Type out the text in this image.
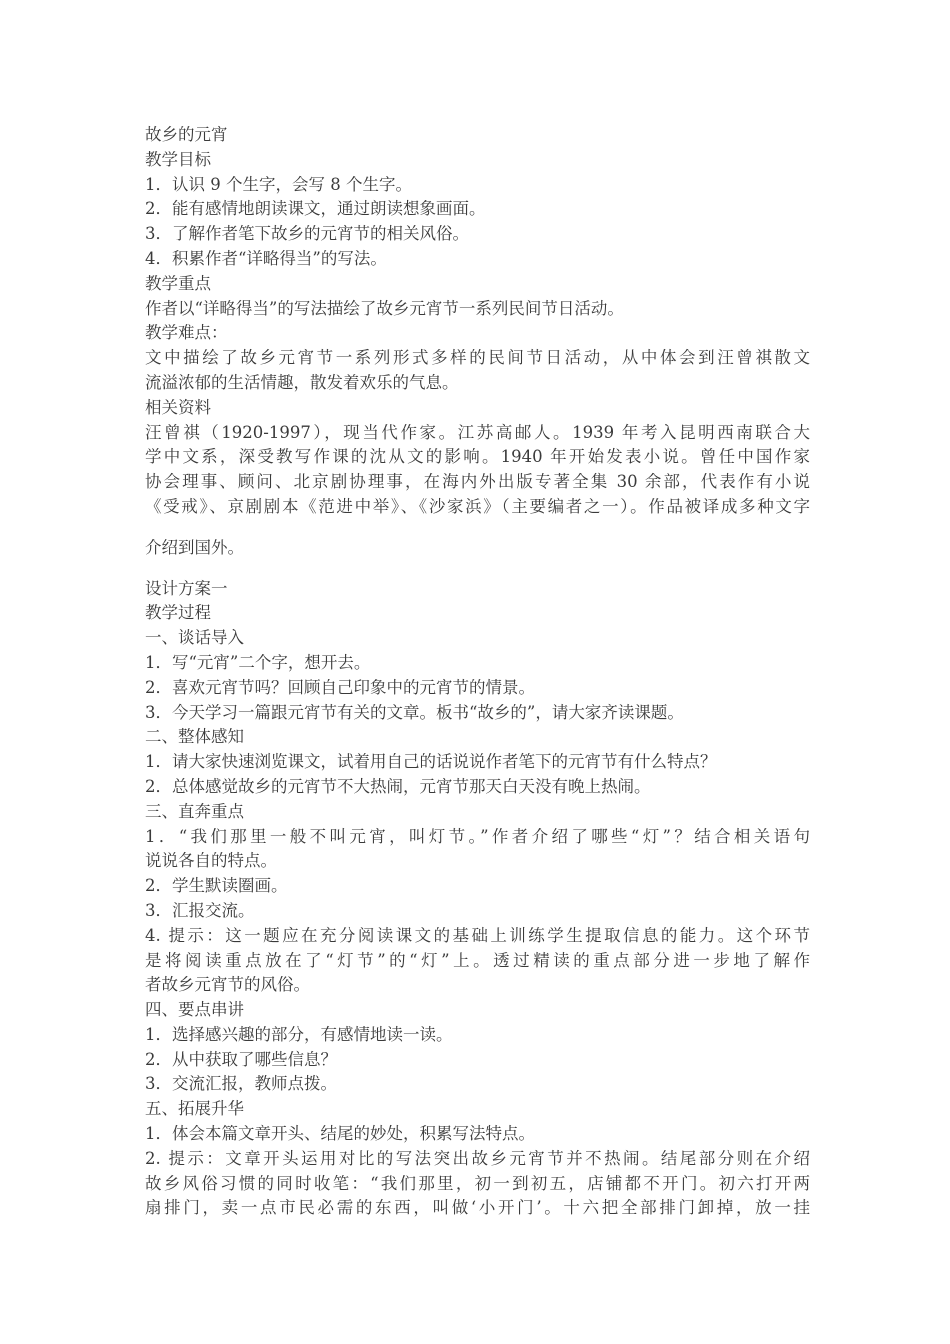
故乡的元宵
教学目标
1．认识 9 个生字，会写 8 个生字。
2．能有感情地朗读课文，通过朗读想象画面。
3．了解作者笔下故乡的元宵节的相关风俗。
4．积累作者“详略得当”的写法。
教学重点
作者以“详略得当”的写法描绘了故乡元宵节一系列民间节日活动。
教学难点：
文中描绘了故乡元宵节一系列形式多样的民间节日活动，从中体会到汪曾祺散文
流溢浓郁的生活情趣，散发着欢乐的气息。
相关资料
汪曾祺（1920-1997），现当代作家。江苏高邮人。1939 年考入昆明西南联合大
学中文系，深受教写作课的沈从文的影响。1940 年开始发表小说。曾任中国作家
协会理事、顾问、北京剧协理事，在海内外出版专著全集 30 余部，代表作有小说
《受戒》、京剧剧本《范进中举》、《沙家浜》（主要编者之一）。作品被译成多种文字
介绍到国外。
设计方案一
教学过程
一、谈话导入
1．写“元宵”二个字，想开去。
2．喜欢元宵节吗？回顾自己印象中的元宵节的情景。
3．今天学习一篇跟元宵节有关的文章。板书“故乡的”，请大家齐读课题。
二、整体感知
1．请大家快速浏览课文，试着用自己的话说说作者笔下的元宵节有什么特点？
2．总体感觉故乡的元宵节不大热闹，元宵节那天白天没有晚上热闹。
三、直奔重点
1．“我们那里一般不叫元宵，叫灯节。”作者介绍了哪些“灯”？结合相关语句
说说各自的特点。
2．学生默读圈画。
3．汇报交流。
4. 提示：这一题应在充分阅读课文的基础上训练学生提取信息的能力。这个环节
是将阅读重点放在了“灯节”的“灯”上。透过精读的重点部分进一步地了解作
者故乡元宵节的风俗。
四、要点串讲
1．选择感兴趣的部分，有感情地读一读。
2．从中获取了哪些信息？
3．交流汇报，教师点拨。
五、拓展升华
1．体会本篇文章开头、结尾的妙处，积累写法特点。
2. 提示：文章开头运用对比的写法突出故乡元宵节并不热闹。结尾部分则在介绍
故乡风俗习惯的同时收笔：“我们那里，初一到初五，店铺都不开门。初六打开两
扇排门，卖一点市民必需的东西，叫做‘小开门’。十六把全部排门卸掉，放一挂
